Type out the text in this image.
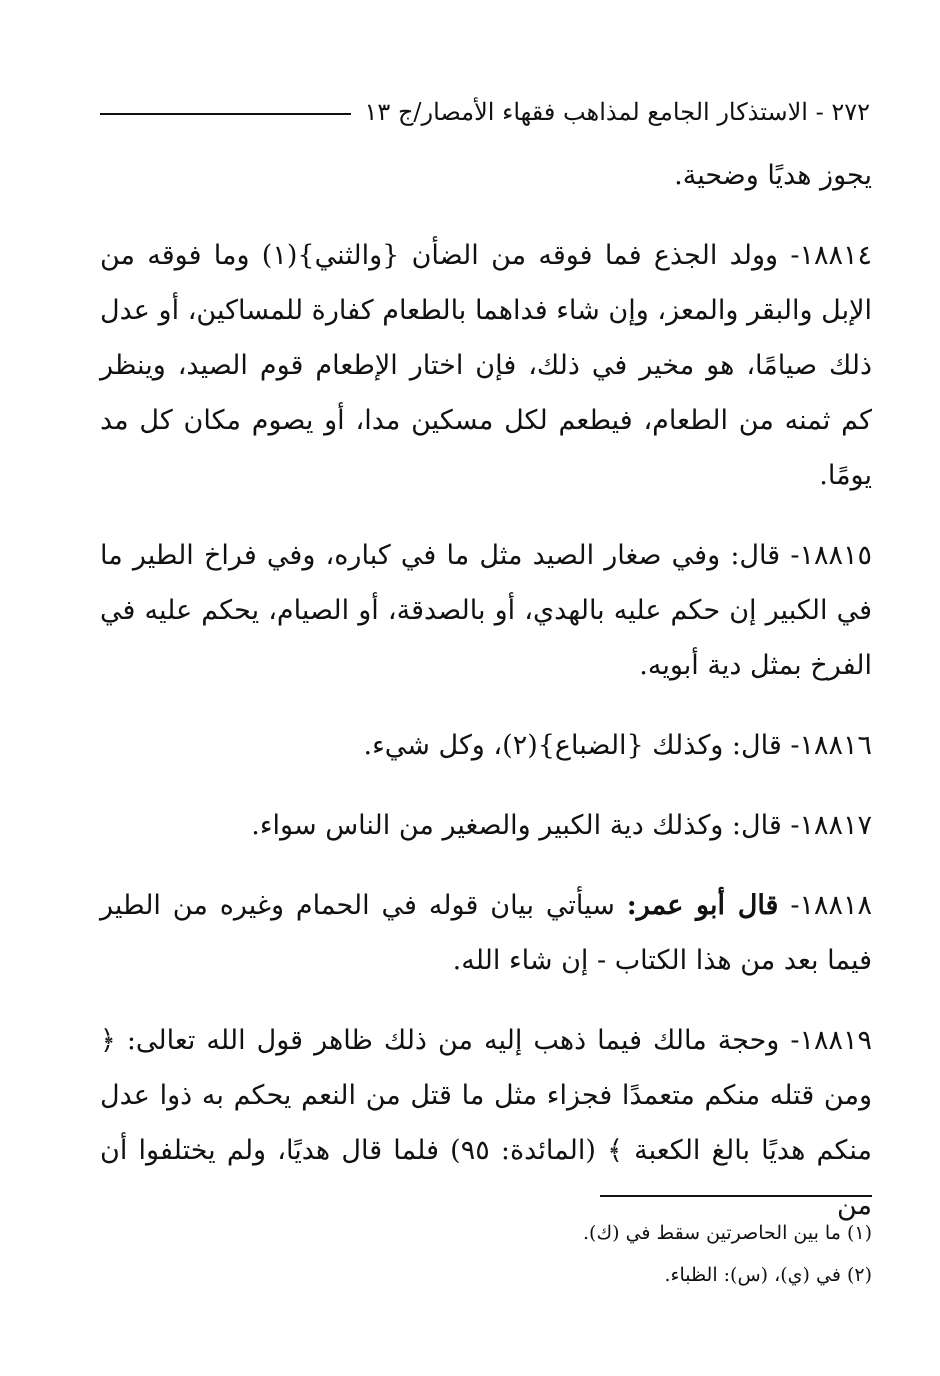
٢٧٢ - الاستذكار الجامع لمذاهب فقهاء الأمصار/ج ١٣

يجوز هديًا وضحية.

١٨٨١٤- وولد الجذع فما فوقه من الضأن {والثني}(١) وما فوقه من الإبل والبقر والمعز، وإن شاء فداهما بالطعام كفارة للمساكين، أو عدل ذلك صيامًا، هو مخير في ذلك، فإن اختار الإطعام قوم الصيد، وينظر كم ثمنه من الطعام، فيطعم لكل مسكين مدا، أو يصوم مكان كل مد يومًا.

١٨٨١٥- قال: وفي صغار الصيد مثل ما في كباره، وفي فراخ الطير ما في الكبير إن حكم عليه بالهدي، أو بالصدقة، أو الصيام، يحكم عليه في الفرخ بمثل دية أبويه.

١٨٨١٦- قال: وكذلك {الضباع}(٢)، وكل شيء.

١٨٨١٧- قال: وكذلك دية الكبير والصغير من الناس سواء.

١٨٨١٨- قال أبو عمر: سيأتي بيان قوله في الحمام وغيره من الطير فيما بعد من هذا الكتاب - إن شاء الله.

١٨٨١٩- وحجة مالك فيما ذهب إليه من ذلك ظاهر قول الله تعالى: ﴿ ومن قتله منكم متعمدًا فجزاء مثل ما قتل من النعم يحكم به ذوا عدل منكم هديًا بالغ الكعبة ﴾ (المائدة: ٩٥) فلما قال هديًا، ولم يختلفوا أن من

(١) ما بين الحاصرتين سقط في (ك).

(٢) في (ي)، (س): الظباء.
